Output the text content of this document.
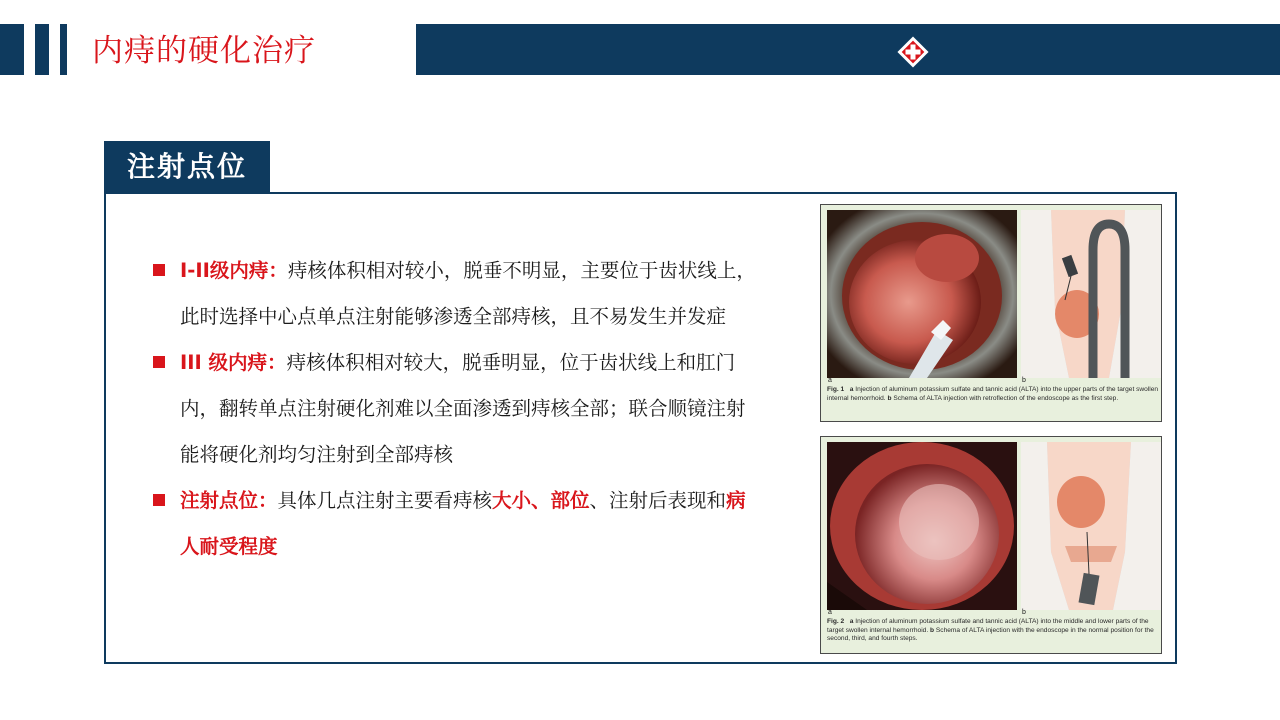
内痔的硬化治疗
注射点位
I-II级内痔：痔核体积相对较小，脱垂不明显，主要位于齿状线上，此时选择中心点单点注射能够渗透全部痔核，且不易发生并发症
III 级内痔：痔核体积相对较大，脱垂明显，位于齿状线上和肛门内，翻转单点注射硬化剂难以全面渗透到痔核全部；联合顺镜注射能将硬化剂均匀注射到全部痔核
注射点位：具体几点注射主要看痔核大小、部位、注射后表现和病人耐受程度
a	b
Fig. 1 a Injection of aluminum potassium sulfate and tannic acid (ALTA) into the upper parts of the target swollen internal hemorrhoid. b Schema of ALTA injection with retroflection of the endoscope as the first step.
a	b
Fig. 2 a Injection of aluminum potassium sulfate and tannic acid (ALTA) into the middle and lower parts of the target swollen internal hemorrhoid. b Schema of ALTA injection with the endoscope in the normal position for the second, third, and fourth steps.
